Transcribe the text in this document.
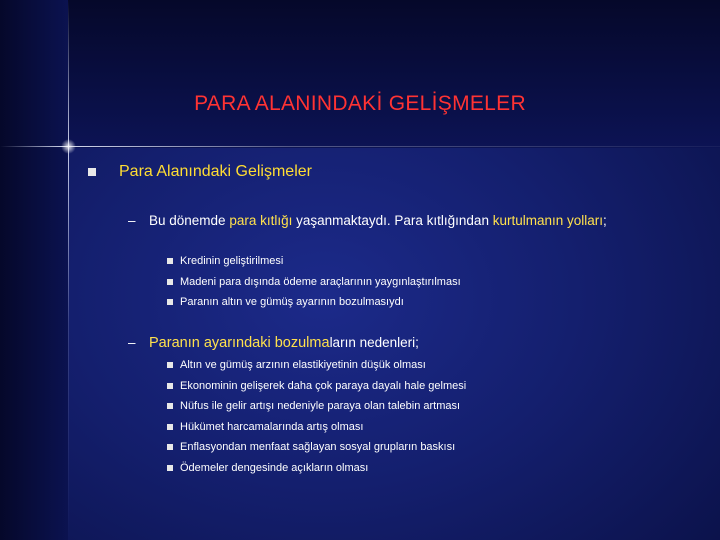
PARA ALANINDAKİ GELİŞMELER
Para Alanındaki Gelişmeler
– Bu dönemde para kıtlığı yaşanmaktaydı. Para kıtlığından kurtulmanın yolları;
Kredinin geliştirilmesi
Madeni para dışında ödeme araçlarının yaygınlaştırılması
Paranın altın ve gümüş ayarının bozulmasıydı
– Paranın ayarındaki bozulmaların nedenleri;
Altın ve gümüş arzının elastikiyetinin düşük olması
Ekonominin gelişerek daha çok paraya dayalı hale gelmesi
Nüfus ile gelir artışı nedeniyle paraya olan talebin artması
Hükümet harcamalarında artış olması
Enflasyondan menfaat sağlayan sosyal grupların baskısı
Ödemeler dengesinde açıkların olması
